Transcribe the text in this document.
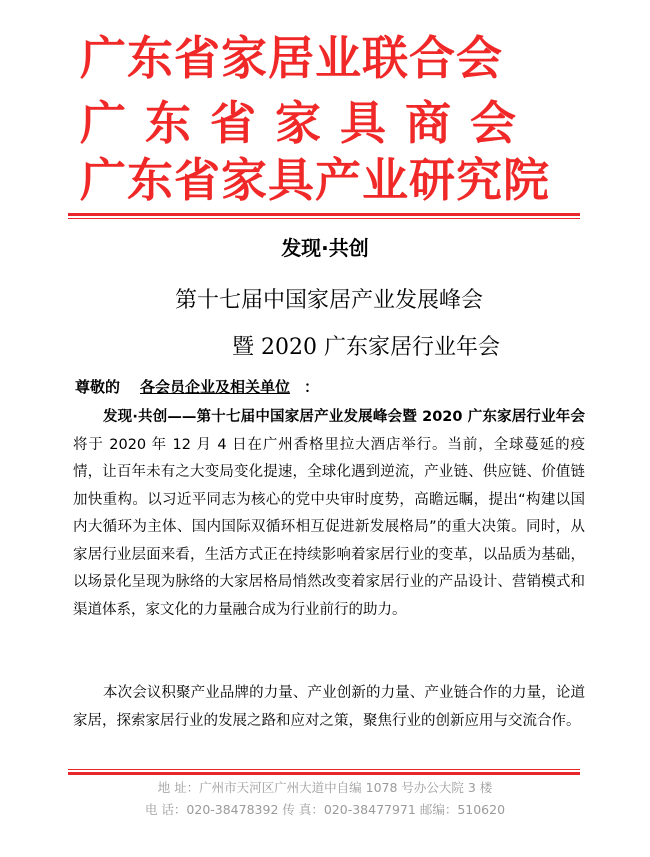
广东省家居业联合会
广东省家具商会
广东省家具产业研究院
发现·共创
第十七届中国家居产业发展峰会
暨 2020 广东家居行业年会
尊敬的 各会员企业及相关单位 ：
发现·共创——第十七届中国家居产业发展峰会暨 2020 广东家居行业年会将于 2020 年 12 月 4 日在广州香格里拉大酒店举行。当前，全球蔓延的疫情，让百年未有之大变局变化提速，全球化遇到逆流，产业链、供应链、价值链加快重构。以习近平同志为核心的党中央审时度势，高瞻远瞩，提出“构建以国内大循环为主体、国内国际双循环相互促进新发展格局”的重大决策。同时，从家居行业层面来看，生活方式正在持续影响着家居行业的变革，以品质为基础，以场景化呈现为脉络的大家居格局悄然改变着家居行业的产品设计、营销模式和渠道体系，家文化的力量融合成为行业前行的助力。
本次会议积聚产业品牌的力量、产业创新的力量、产业链合作的力量，论道家居，探索家居行业的发展之路和应对之策，聚焦行业的创新应用与交流合作。
地 址：广州市天河区广州大道中自编 1078 号办公大院 3 楼
电 话：020-38478392 传 真：020-38477971 邮编：510620
